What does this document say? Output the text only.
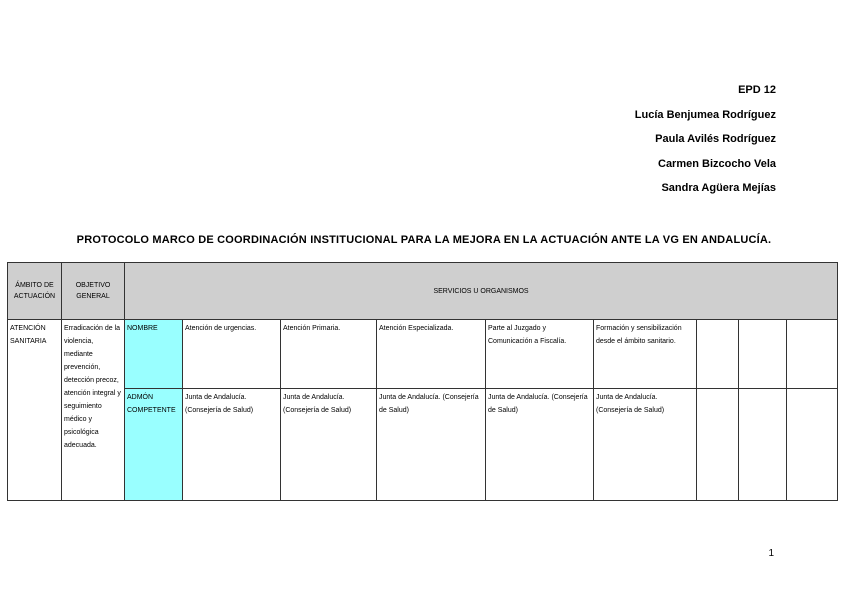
EPD 12
Lucía Benjumea Rodríguez
Paula Avilés Rodríguez
Carmen Bizcocho Vela
Sandra Agüera Mejías
PROTOCOLO MARCO DE COORDINACIÓN INSTITUCIONAL PARA LA MEJORA EN LA ACTUACIÓN ANTE LA VG EN ANDALUCÍA.
ÁMBITO DE ACTUACIÓN	OBJETIVO GENERAL	SERVICIOS U ORGANISMOS								
ATENCIÓN SANITARIA	Erradicación de la violencia, mediante prevención, detección precoz, atención integral y seguimiento médico y psicológica adecuada.	NOMBRE	Atención de urgencias.	Atención Primaria.	Atención Especializada.	Parte al Juzgado y Comunicación a Fiscalía.	Formación y sensibilización desde el ámbito sanitario.			
		ADMÓN COMPETENTE	Junta de Andalucía. (Consejería de Salud)	Junta de Andalucía. (Consejería de Salud)	Junta de Andalucía. (Consejería de Salud)	Junta de Andalucía. (Consejería de Salud)	Junta de Andalucía. (Consejería de Salud)			
1
